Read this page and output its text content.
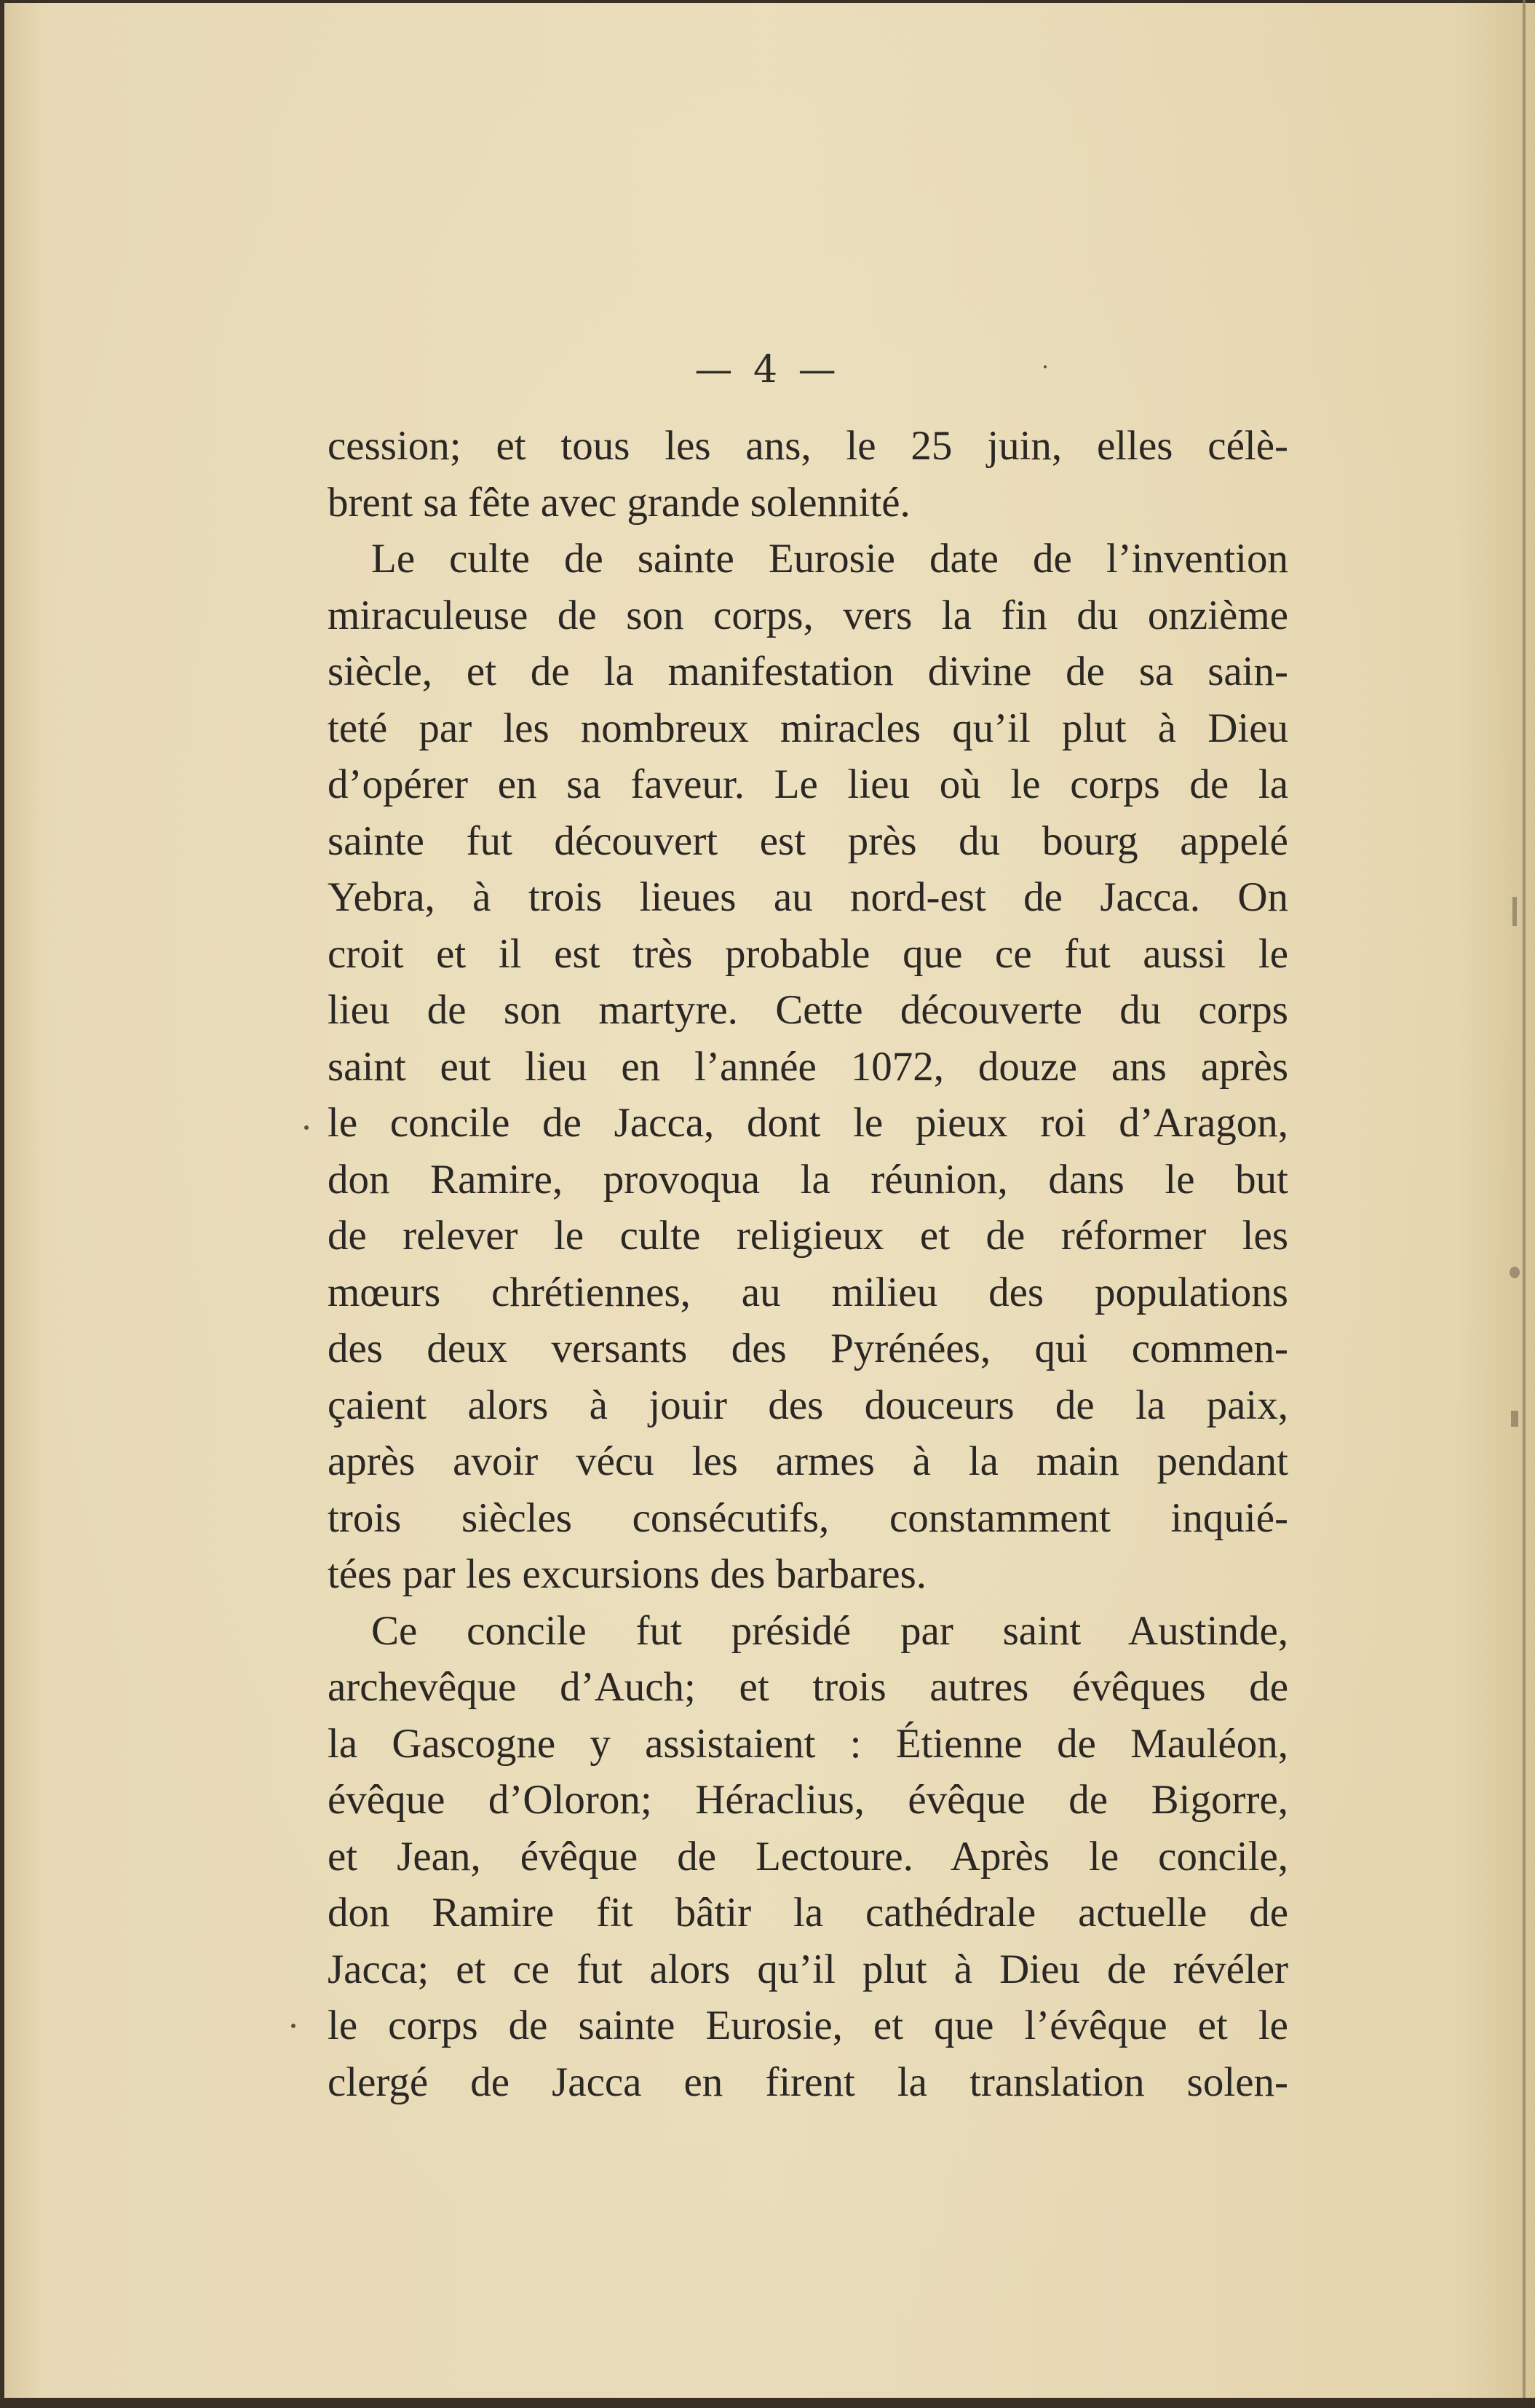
— 4 —
cession; et tous les ans, le 25 juin, elles célè-
brent sa fête avec grande solennité.
Le culte de sainte Eurosie date de l’invention
miraculeuse de son corps, vers la fin du onzième
siècle, et de la manifestation divine de sa sain-
teté par les nombreux miracles qu’il plut à Dieu
d’opérer en sa faveur. Le lieu où le corps de la
sainte fut découvert est près du bourg appelé
Yebra, à trois lieues au nord-est de Jacca. On
croit et il est très probable que ce fut aussi le
lieu de son martyre. Cette découverte du corps
saint eut lieu en l’année 1072, douze ans après
le concile de Jacca, dont le pieux roi d’Aragon,
don Ramire, provoqua la réunion, dans le but
de relever le culte religieux et de réformer les
mœurs chrétiennes, au milieu des populations
des deux versants des Pyrénées, qui commen-
çaient alors à jouir des douceurs de la paix,
après avoir vécu les armes à la main pendant
trois siècles consécutifs, constamment inquié-
tées par les excursions des barbares.
Ce concile fut présidé par saint Austinde,
archevêque d’Auch; et trois autres évêques de
la Gascogne y assistaient : Étienne de Mauléon,
évêque d’Oloron; Héraclius, évêque de Bigorre,
et Jean, évêque de Lectoure. Après le concile,
don Ramire fit bâtir la cathédrale actuelle de
Jacca; et ce fut alors qu’il plut à Dieu de révéler
le corps de sainte Eurosie, et que l’évêque et le
clergé de Jacca en firent la translation solen-
